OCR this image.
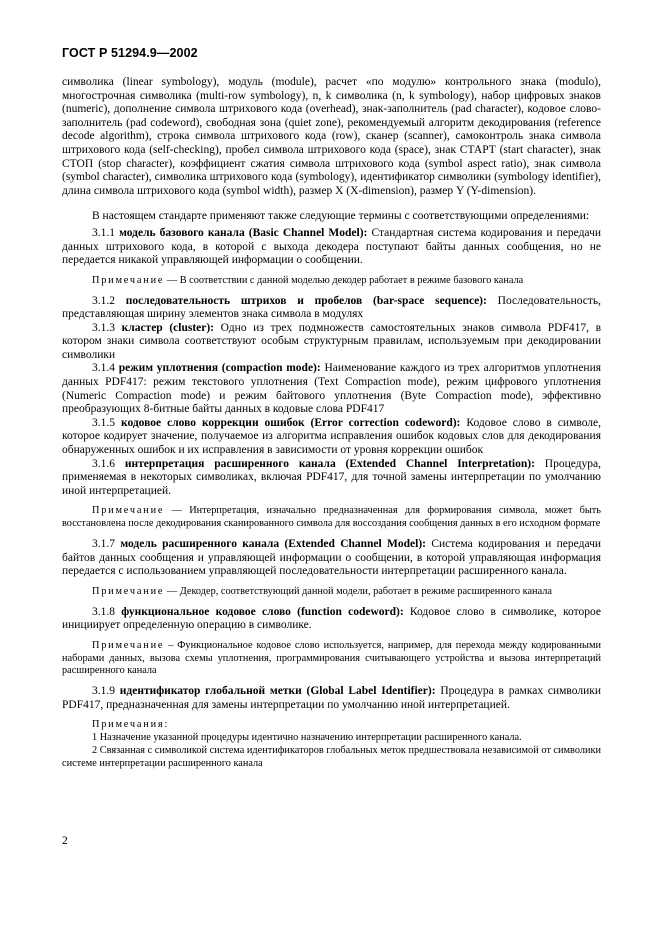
ГОСТ Р 51294.9—2002

символика (linear symbology), модуль (module), расчет «по модулю» контрольного знака (modulo), многострочная символика (multi-row symbology), n, k символика (n, k symbology), набор цифровых знаков (numeric), дополнение символа штрихового кода (overhead), знак-заполнитель (pad character), кодовое слово-заполнитель (pad codeword), свободная зона (quiet zone), рекомендуемый алгоритм декодирования (reference decode algorithm), строка символа штрихового кода (row), сканер (scanner), самоконтроль знака символа штрихового кода (self-checking), пробел символа штрихового кода (space), знак СТАРТ (start character), знак СТОП (stop character), коэффициент сжатия символа штрихового кода (symbol aspect ratio), знак символа (symbol character), символика штрихового кода (symbology), идентификатор символики (symbology identifier), длина символа штрихового кода (symbol width), размер X (X-dimension), размер Y (Y-dimension).

В настоящем стандарте применяют также следующие термины с соответствующими определениями:

3.1.1 модель базового канала (Basic Channel Model): Стандартная система кодирования и передачи данных штрихового кода, в которой с выхода декодера поступают байты данных сообщения, но не передается никакой управляющей информации о сообщении.

Примечание — В соответствии с данной моделью декодер работает в режиме базового канала

3.1.2 последовательность штрихов и пробелов (bar-space sequence): Последовательность, представляющая ширину элементов знака символа в модулях

3.1.3 кластер (cluster): Одно из трех подмножеств самостоятельных знаков символа PDF417, в котором знаки символа соответствуют особым структурным правилам, используемым при декодировании символики

3.1.4 режим уплотнения (compaction mode): Наименование каждого из трех алгоритмов уплотнения данных PDF417: режим текстового уплотнения (Text Compaction mode), режим цифрового уплотнения (Numeric Compaction mode) и режим байтового уплотнения (Byte Compaction mode), эффективно преобразующих 8-битные байты данных в кодовые слова PDF417

3.1.5 кодовое слово коррекции ошибок (Error correction codeword): Кодовое слово в символе, которое кодирует значение, получаемое из алгоритма исправления ошибок кодовых слов для декодирования обнаруженных ошибок и их исправления в зависимости от уровня коррекции ошибок

3.1.6 интерпретация расширенного канала (Extended Channel Interpretation): Процедура, применяемая в некоторых символиках, включая PDF417, для точной замены интерпретации по умолчанию иной интерпретацией.

Примечание — Интерпретация, изначально предназначенная для формирования символа, может быть восстановлена после декодирования сканированного символа для воссоздания сообщения данных в его исходном формате

3.1.7 модель расширенного канала (Extended Channel Model): Система кодирования и передачи байтов данных сообщения и управляющей информации о сообщении, в которой управляющая информация передается с использованием управляющей последовательности интерпретации расширенного канала.

Примечание — Декодер, соответствующий данной модели, работает в режиме расширенного канала

3.1.8 функциональное кодовое слово (function codeword): Кодовое слово в символике, которое инициирует определенную операцию в символике.

Примечание – Функциональное кодовое слово используется, например, для перехода между кодированными наборами данных, вызова схемы уплотнения, программирования считывающего устройства и вызова интерпретаций расширенного канала

3.1.9 идентификатор глобальной метки (Global Label Identifier): Процедура в рамках символики PDF417, предназначенная для замены интерпретации по умолчанию иной интерпретацией.

Примечания:

1 Назначение указанной процедуры идентично назначению интерпретации расширенного канала.

2 Связанная с символикой система идентификаторов глобальных меток предшествовала независимой от символики системе интерпретации расширенного канала

2
